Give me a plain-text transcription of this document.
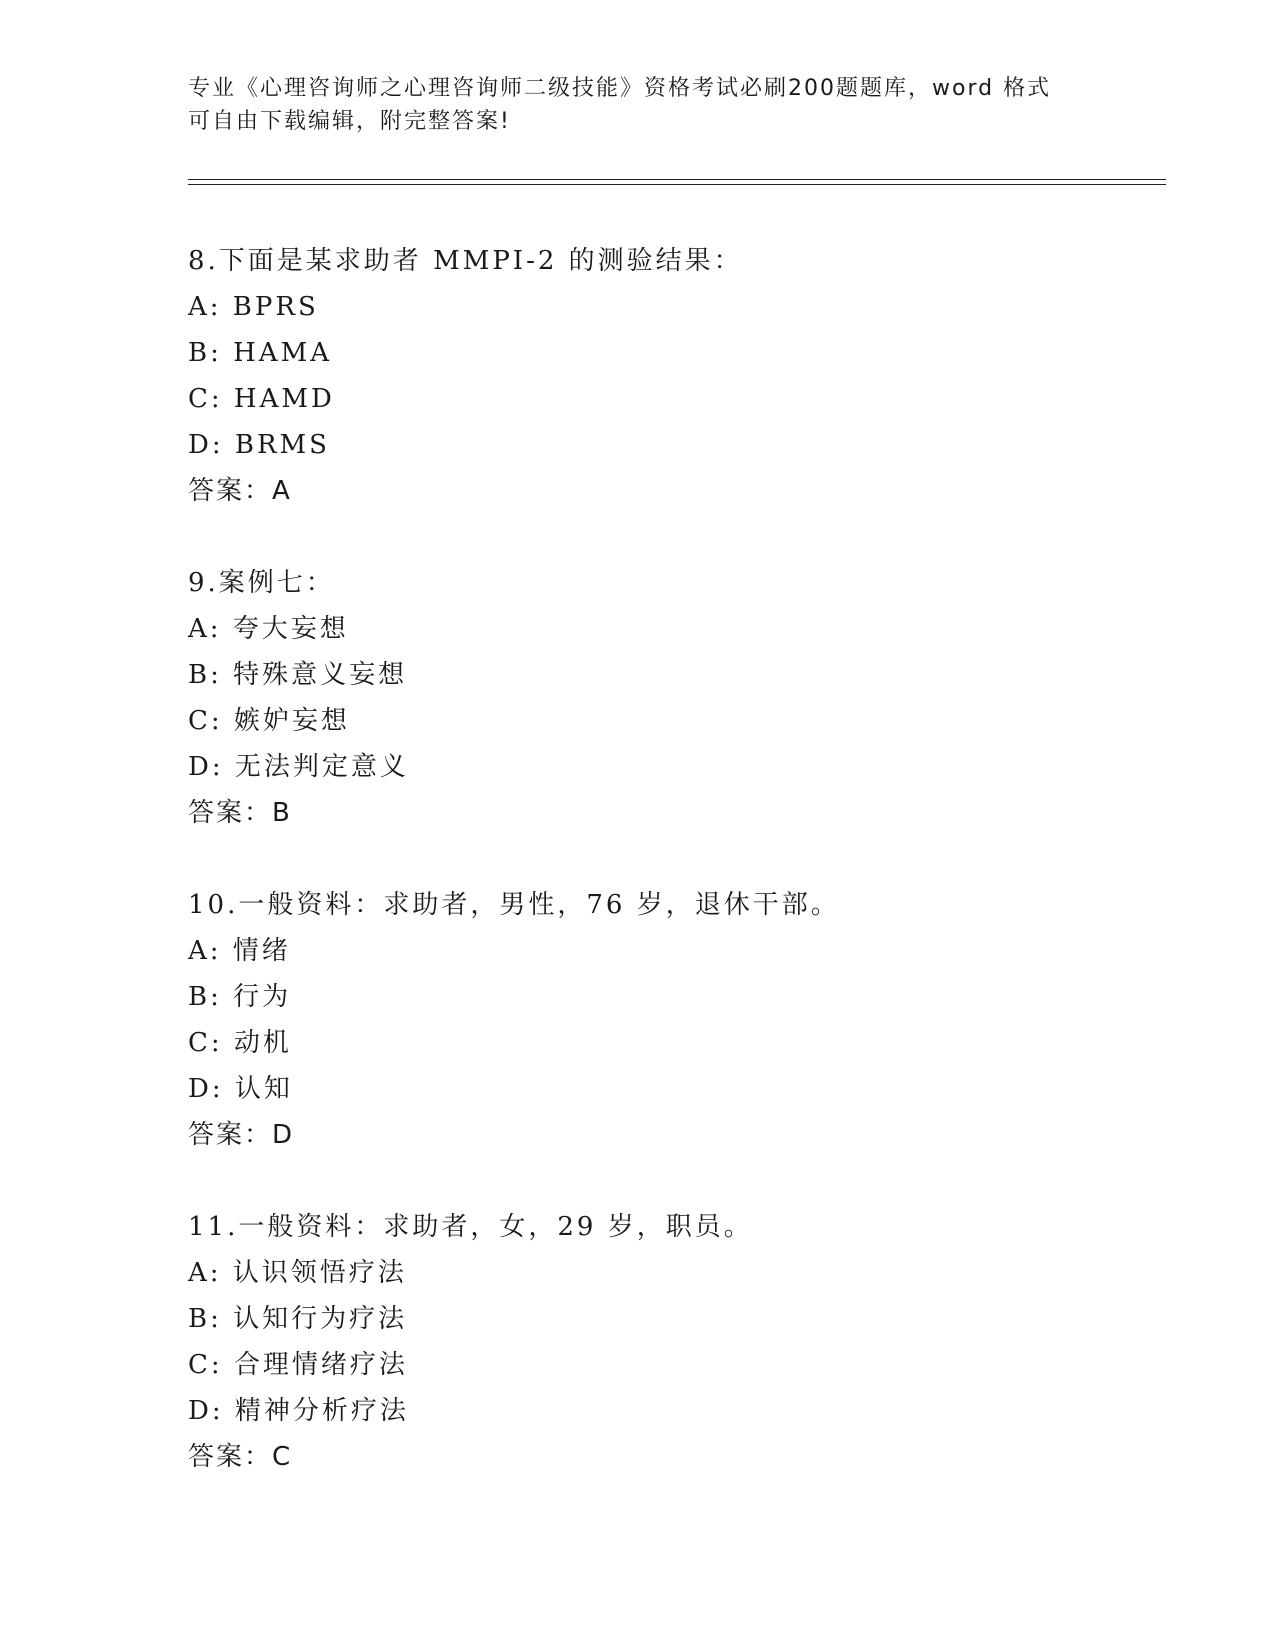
专业《心理咨询师之心理咨询师二级技能》资格考试必刷200题题库，word 格式
可自由下载编辑，附完整答案!
8.下面是某求助者 MMPI-2 的测验结果：
A: BPRS
B: HAMA
C: HAMD
D: BRMS
答案：A
9.案例七：
A: 夸大妄想
B: 特殊意义妄想
C: 嫉妒妄想
D: 无法判定意义
答案：B
10.一般资料：求助者，男性，76 岁，退休干部。
A: 情绪
B: 行为
C: 动机
D: 认知
答案：D
11.一般资料：求助者，女，29 岁，职员。
A: 认识领悟疗法
B: 认知行为疗法
C: 合理情绪疗法
D: 精神分析疗法
答案：C
